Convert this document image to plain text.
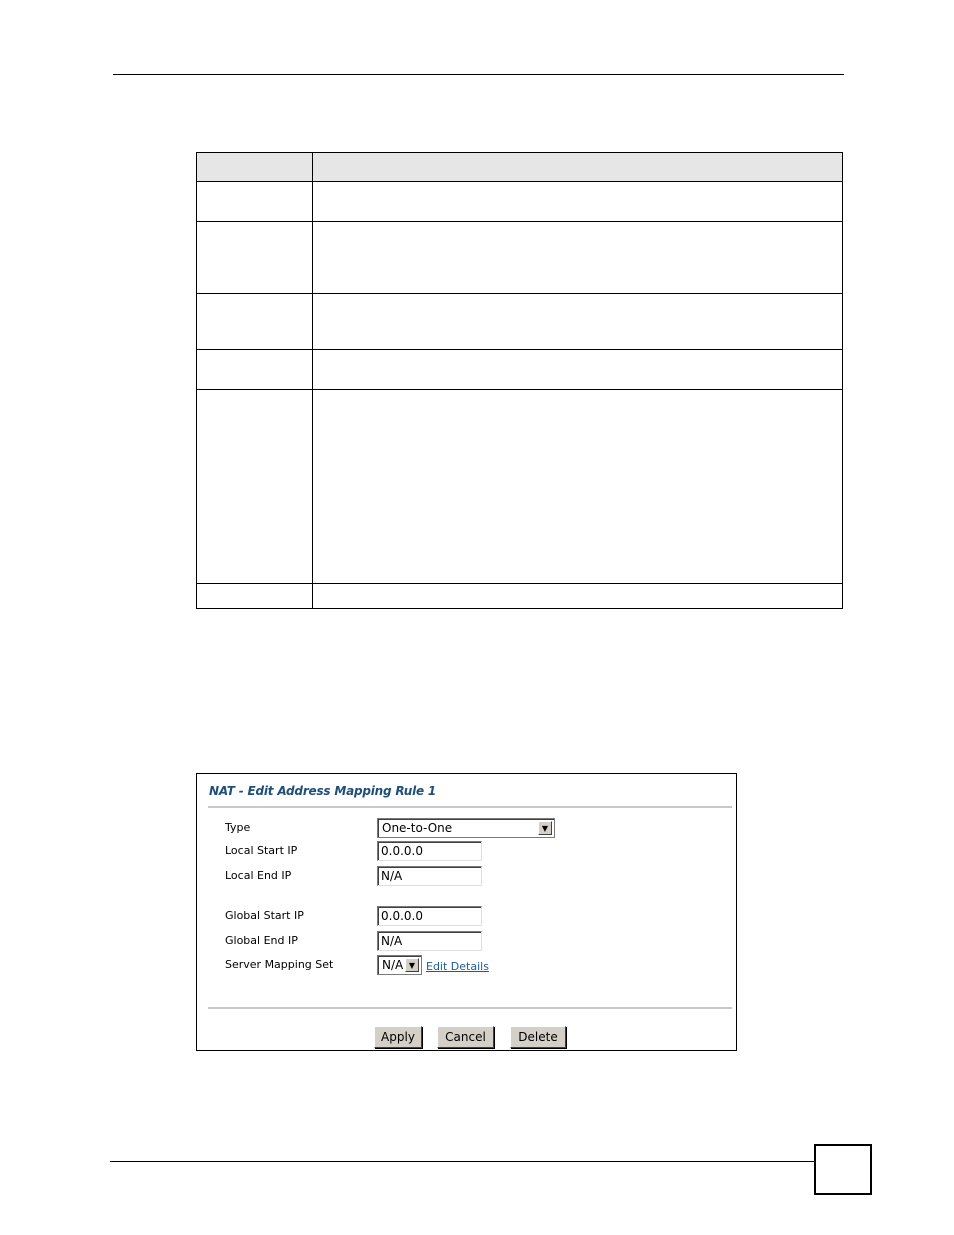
NAT - Edit Address Mapping Rule 1
Type	One-to-One	▼
Local Start IP	0.0.0.0
Local End IP	N/A
Global Start IP	0.0.0.0
Global End IP	N/A
Server Mapping Set	N/A ▼ Edit Details
Apply	Cancel	Delete
